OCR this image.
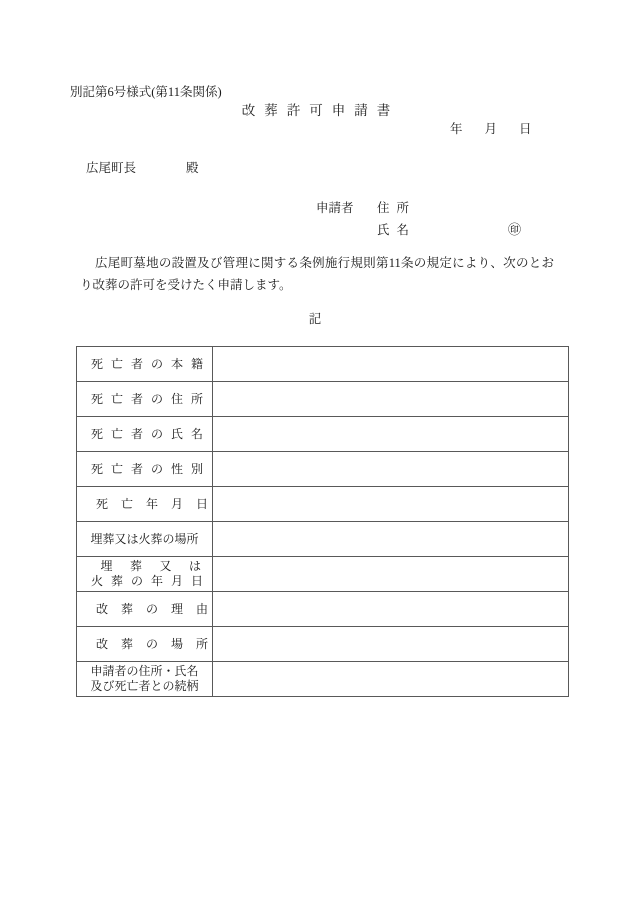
別記第6号様式(第11条関係)
改葬許可申請書
年月日
広尾町長	殿
申請者 住所
氏名	㊞
広尾町墓地の設置及び管理に関する条例施行規則第11条の規定により、次のとおり改葬の許可を受けたく申請します。
記
死亡者の本籍	

死亡者の住所	

死亡者の氏名	

死亡者の性別	

死亡年月日	

埋葬又は火葬の場所	

埋葬又は
火葬の年月日	

改葬の理由	

改葬の場所	

申請者の住所・氏名
及び死亡者との続柄	
